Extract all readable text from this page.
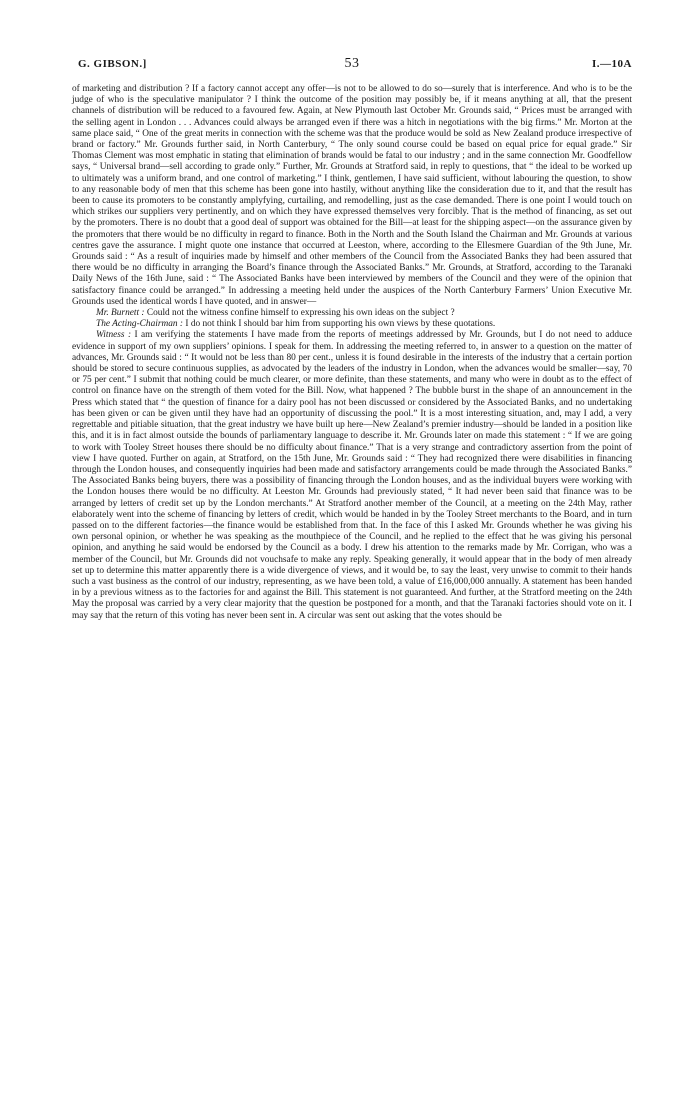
G. GIBSON.]	53	I.—10A

of marketing and distribution ? If a factory cannot accept any offer—is not to be allowed to do so—surely that is interference. And who is to be the judge of who is the speculative manipulator ? I think the outcome of the position may possibly be, if it means anything at all, that the present channels of distribution will be reduced to a favoured few. Again, at New Plymouth last October Mr. Grounds said, “ Prices must be arranged with the selling agent in London . . . Advances could always be arranged even if there was a hitch in negotiations with the big firms.” Mr. Morton at the same place said, “ One of the great merits in connection with the scheme was that the produce would be sold as New Zealand produce irrespective of brand or factory.” Mr. Grounds further said, in North Canterbury, “ The only sound course could be based on equal price for equal grade.” Sir Thomas Clement was most emphatic in stating that elimination of brands would be fatal to our industry ; and in the same connection Mr. Goodfellow says, “ Universal brand—sell according to grade only.” Further, Mr. Grounds at Stratford said, in reply to questions, that “ the ideal to be worked up to ultimately was a uniform brand, and one control of marketing.” I think, gentlemen, I have said sufficient, without labouring the question, to show to any reasonable body of men that this scheme has been gone into hastily, without anything like the consideration due to it, and that the result has been to cause its promoters to be constantly amplyfying, curtailing, and remodelling, just as the case demanded. There is one point I would touch on which strikes our suppliers very pertinently, and on which they have expressed themselves very forcibly. That is the method of financing, as set out by the promoters. There is no doubt that a good deal of support was obtained for the Bill—at least for the shipping aspect—on the assurance given by the promoters that there would be no difficulty in regard to finance. Both in the North and the South Island the Chairman and Mr. Grounds at various centres gave the assurance. I might quote one instance that occurred at Leeston, where, according to the Ellesmere Guardian of the 9th June, Mr. Grounds said : “ As a result of inquiries made by himself and other members of the Council from the Associated Banks they had been assured that there would be no difficulty in arranging the Board’s finance through the Associated Banks.” Mr. Grounds, at Stratford, according to the Taranaki Daily News of the 16th June, said : “ The Associated Banks have been interviewed by members of the Council and they were of the opinion that satisfactory finance could be arranged.” In addressing a meeting held under the auspices of the North Canterbury Farmers’ Union Executive Mr. Grounds used the identical words I have quoted, and in answer—

Mr. Burnett : Could not the witness confine himself to expressing his own ideas on the subject ?

The Acting-Chairman : I do not think I should bar him from supporting his own views by these quotations.

Witness : I am verifying the statements I have made from the reports of meetings addressed by Mr. Grounds, but I do not need to adduce evidence in support of my own suppliers’ opinions. I speak for them. In addressing the meeting referred to, in answer to a question on the matter of advances, Mr. Grounds said : “ It would not be less than 80 per cent., unless it is found desirable in the interests of the industry that a certain portion should be stored to secure continuous supplies, as advocated by the leaders of the industry in London, when the advances would be smaller—say, 70 or 75 per cent.” I submit that nothing could be much clearer, or more definite, than these statements, and many who were in doubt as to the effect of control on finance have on the strength of them voted for the Bill. Now, what happened ? The bubble burst in the shape of an announcement in the Press which stated that “ the question of finance for a dairy pool has not been discussed or considered by the Associated Banks, and no undertaking has been given or can be given until they have had an opportunity of discussing the pool.” It is a most interesting situation, and, may I add, a very regrettable and pitiable situation, that the great industry we have built up here—New Zealand’s premier industry—should be landed in a position like this, and it is in fact almost outside the bounds of parliamentary language to describe it. Mr. Grounds later on made this statement : “ If we are going to work with Tooley Street houses there should be no difficulty about finance.” That is a very strange and contradictory assertion from the point of view I have quoted. Further on again, at Stratford, on the 15th June, Mr. Grounds said : “ They had recognized there were disabilities in financing through the London houses, and consequently inquiries had been made and satisfactory arrangements could be made through the Associated Banks.” The Associated Banks being buyers, there was a possibility of financing through the London houses, and as the individual buyers were working with the London houses there would be no difficulty. At Leeston Mr. Grounds had previously stated, “ It had never been said that finance was to be arranged by letters of credit set up by the London merchants.” At Stratford another member of the Council, at a meeting on the 24th May, rather elaborately went into the scheme of financing by letters of credit, which would be handed in by the Tooley Street merchants to the Board, and in turn passed on to the different factories—the finance would be established from that. In the face of this I asked Mr. Grounds whether he was giving his own personal opinion, or whether he was speaking as the mouthpiece of the Council, and he replied to the effect that he was giving his personal opinion, and anything he said would be endorsed by the Council as a body. I drew his attention to the remarks made by Mr. Corrigan, who was a member of the Council, but Mr. Grounds did not vouchsafe to make any reply. Speaking generally, it would appear that in the body of men already set up to determine this matter apparently there is a wide divergence of views, and it would be, to say the least, very unwise to commit to their hands such a vast business as the control of our industry, representing, as we have been told, a value of £16,000,000 annually. A statement has been handed in by a previous witness as to the factories for and against the Bill. This statement is not guaranteed. And further, at the Stratford meeting on the 24th May the proposal was carried by a very clear majority that the question be postponed for a month, and that the Taranaki factories should vote on it. I may say that the return of this voting has never been sent in. A circular was sent out asking that the votes should be
